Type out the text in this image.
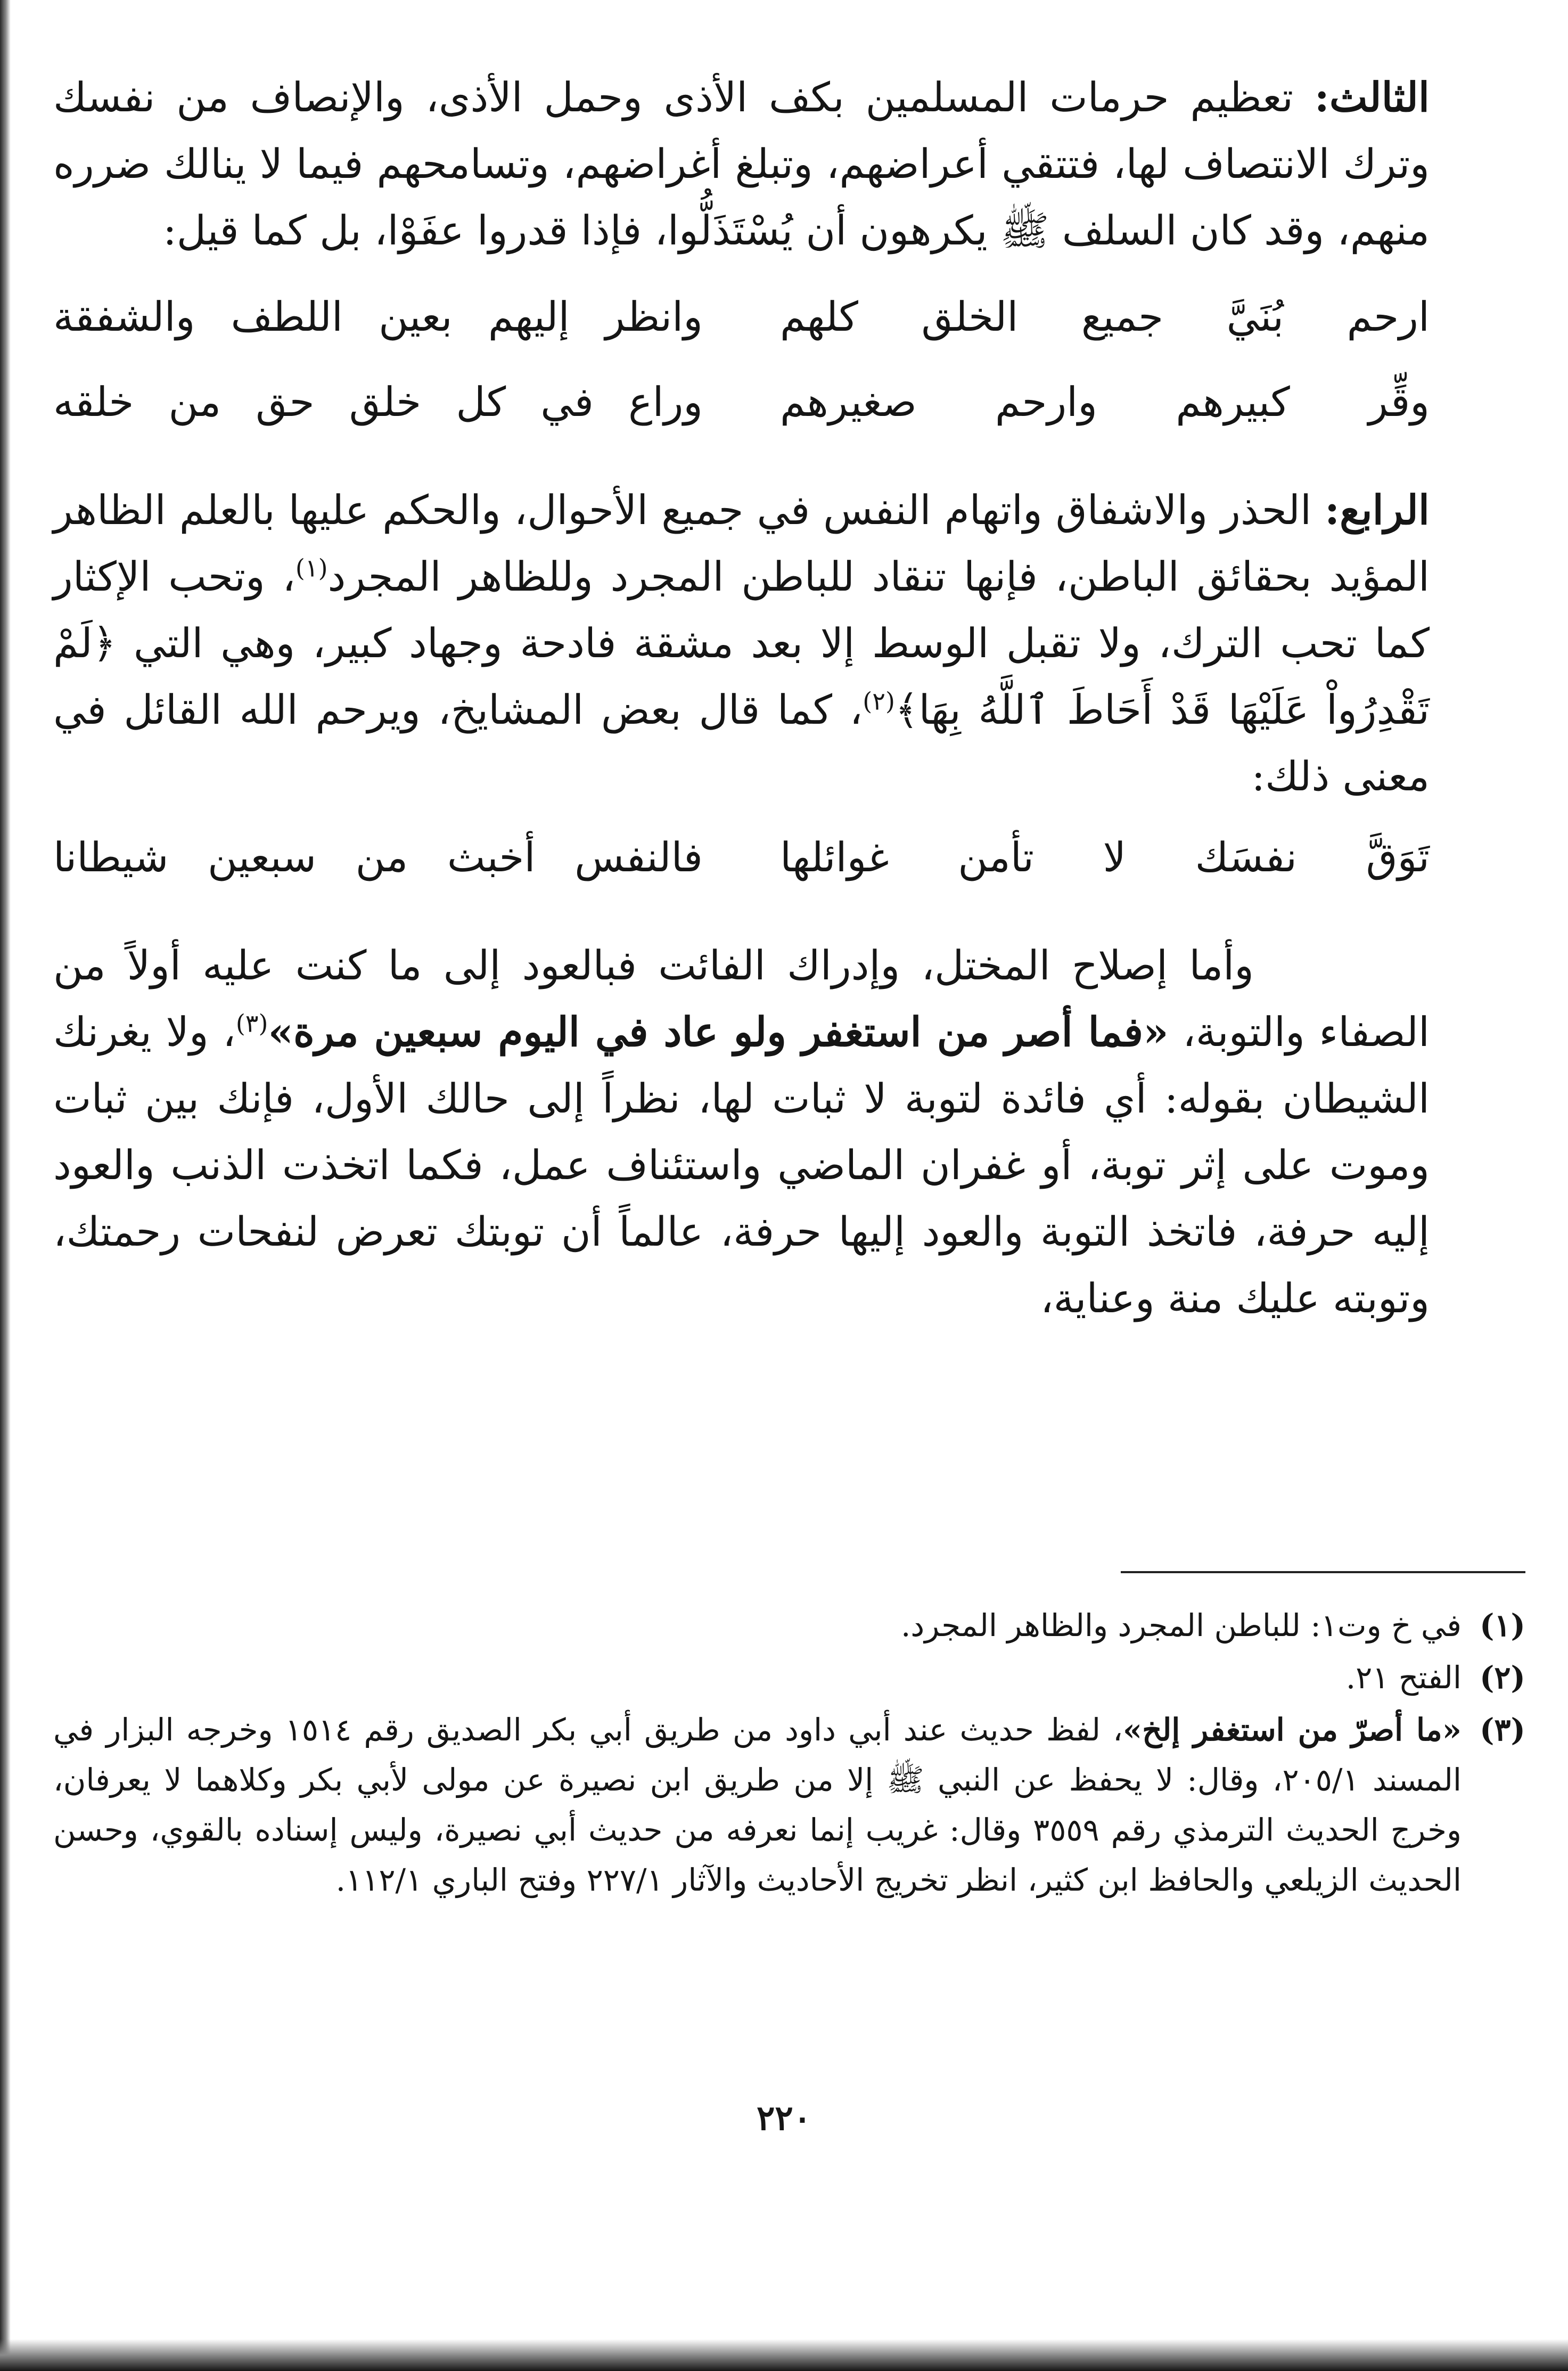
الثالث: تعظيم حرمات المسلمين بكف الأذى وحمل الأذى، والإنصاف من نفسك وترك الانتصاف لها، فتتقي أعراضهم، وتبلغ أغراضهم، وتسامحهم فيما لا ينالك ضرره منهم، وقد كان السلف ﷺ يكرهون أن يُسْتَذَلُّوا، فإذا قدروا عفَوْا، بل كما قيل:

ارحم بُنَيَّ جميع الخلق كلهم
وانظر إليهم بعين اللطف والشفقة
وقِّر كبيرهم وارحم صغيرهم
وراع في كل خلق حق من خلقه

الرابع: الحذر والاشفاق واتهام النفس في جميع الأحوال، والحكم عليها بالعلم الظاهر المؤيد بحقائق الباطن، فإنها تنقاد للباطن المجرد وللظاهر المجرد$^{(١)}$، وتحب الإكثار كما تحب الترك، ولا تقبل الوسط إلا بعد مشقة فادحة وجهاد كبير، وهي التي ﴿لَمْ تَقْدِرُواْ عَلَيْهَا قَدْ أَحَاطَ ٱللَّهُ بِهَا﴾$^{(٢)}$، كما قال بعض المشايخ، ويرحم الله القائل في معنى ذلك:

تَوَقَّ نفسَك لا تأمن غوائلها
فالنفس أخبث من سبعين شيطانا

وأما إصلاح المختل، وإدراك الفائت فبالعود إلى ما كنت عليه أولاً من الصفاء والتوبة، «فما أصر من استغفر ولو عاد في اليوم سبعين مرة»$^{(٣)}$، ولا يغرنك الشيطان بقوله: أي فائدة لتوبة لا ثبات لها، نظراً إلى حالك الأول، فإنك بين ثبات وموت على إثر توبة، أو غفران الماضي واستئناف عمل، فكما اتخذت الذنب والعود إليه حرفة، فاتخذ التوبة والعود إليها حرفة، عالماً أن توبتك تعرض لنفحات رحمتك، وتوبته عليك منة وعناية،

(١)
في خ وت١: للباطن المجرد والظاهر المجرد.
(٢)
الفتح ٢١.
(٣)
«ما أصرّ من استغفر إلخ»، لفظ حديث عند أبي داود من طريق أبي بكر الصديق رقم ١٥١٤ وخرجه البزار في المسند ٢٠٥/١، وقال: لا يحفظ عن النبي ﷺ إلا من طريق ابن نصيرة عن مولى لأبي بكر وكلاهما لا يعرفان، وخرج الحديث الترمذي رقم ٣٥٥٩ وقال: غريب إنما نعرفه من حديث أبي نصيرة، وليس إسناده بالقوي، وحسن الحديث الزيلعي والحافظ ابن كثير، انظر تخريج الأحاديث والآثار ٢٢٧/١ وفتح الباري ١١٢/١.
٢٢٠
